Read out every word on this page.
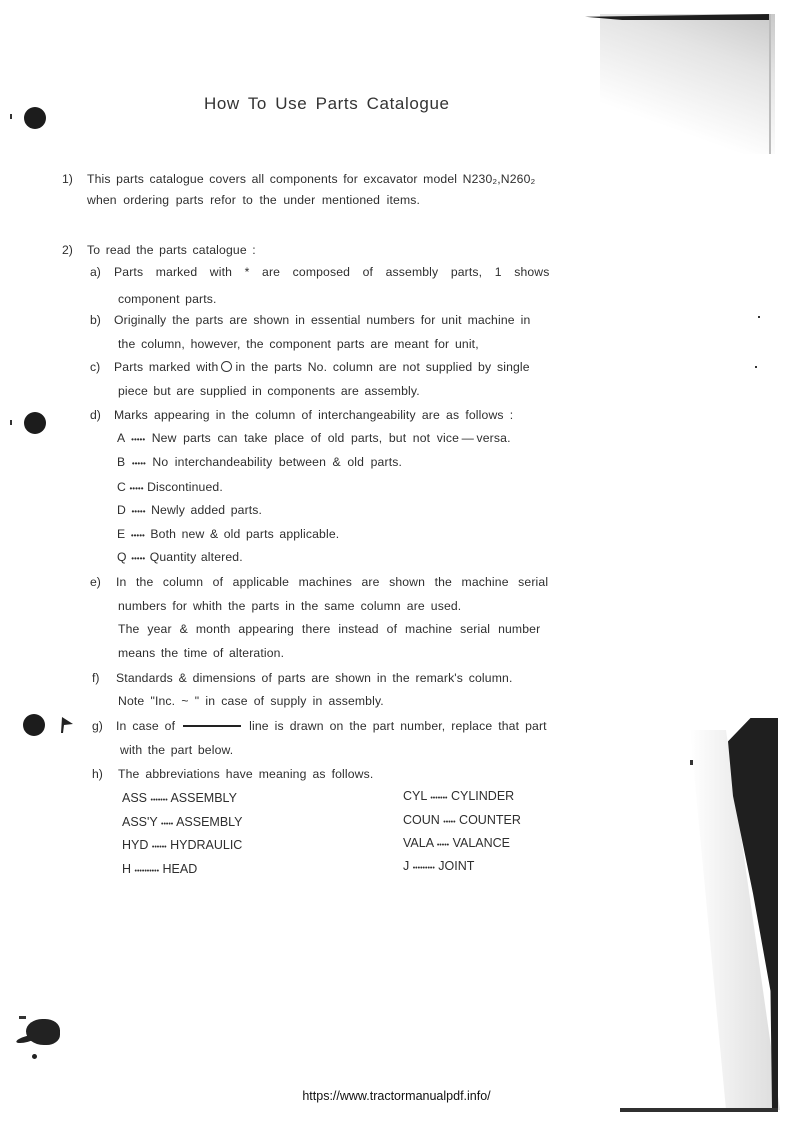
How To Use Parts Catalogue
1) This parts catalogue covers all components for excavator model N230₂,N260₂
when ordering parts refor to the under mentioned items.
2) To read the parts catalogue :
a) Parts marked with * are composed of assembly parts, 1 shows
component parts.
b) Originally the parts are shown in essential numbers for unit machine in
the column, however, the component parts are meant for unit,
c) Parts marked with ○ in the parts No. column are not supplied by single
piece but are supplied in components are assembly.
d) Marks appearing in the column of interchangeability are as follows :
A ••••• New parts can take place of old parts, but not vice — versa.
B ••••• No interchandeability between & old parts.
C ••••• Discontinued.
D ••••• Newly added parts.
E ••••• Both new & old parts applicable.
Q ••••• Quantity altered.
e) In the column of applicable machines are shown the machine serial
numbers for whith the parts in the same column are used.
The year & month appearing there instead of machine serial number
means the time of alteration.
f) Standards & dimensions of parts are shown in the remark's column.
Note "Inc. ~ " in case of supply in assembly.
g) In case of	line is drawn on the part number, replace that part
with the part below.
h) The abbreviations have meaning as follows.
ASS ••••••• ASSEMBLY
ASS'Y ••••• ASSEMBLY
HYD •••••• HYDRAULIC
H •••••••••• HEAD
CYL ••••••• CYLINDER
COUN ••••• COUNTER
VALA ••••• VALANCE
J ••••••••• JOINT
https://www.tractormanualpdf.info/
